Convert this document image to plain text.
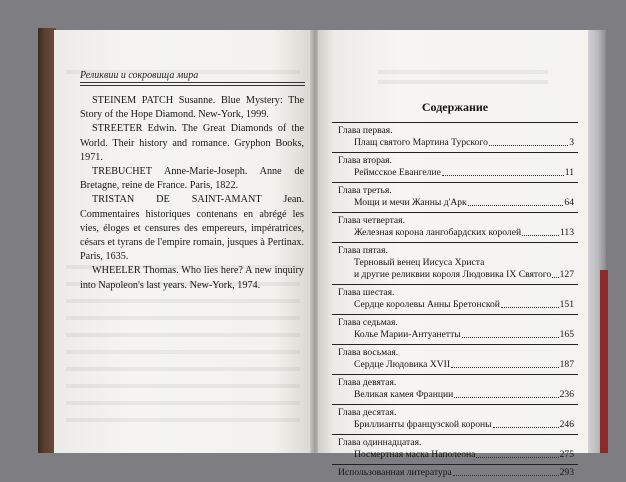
Реликвии и сокровища мира

STEINEM PATCH Susanne. Blue Mystery: The Story of the Hope Diamond. New-York, 1999.

STREETER Edwin. The Great Diamonds of the World. Their history and romance. Gryphon Books, 1971.

TREBUCHET Anne-Marie-Joseph. Anne de Bretagne, reine de France. Paris, 1822.

TRISTAN DE SAINT-AMANT Jean. Commentaires historiques contenans en abrégé les vies, éloges et censures des empereurs, impératrices, césars et tyrans de l'empire romain, jusques à Pertinax. Paris, 1635.

WHEELER Thomas. Who lies here? A new inquiry into Napoleon's last years. New-York, 1974.

Содержание
Глава первая.
Плащ святого Мартина Турского	3
Глава вторая.
Реймсское Евангелие	11
Глава третья.
Мощи и мечи Жанны д'Арк	64
Глава четвертая.
Железная корона лангобардских королей	113
Глава пятая.
Терновый венец Иисуса Христа
и другие реликвии короля Людовика IX Святого 127
Глава шестая.
Сердце королевы Анны Бретонской	151
Глава седьмая.
Колье Марии-Антуанетты	165
Глава восьмая.
Сердце Людовика XVII	187
Глава девятая.
Великая камея Франции	236
Глава десятая.
Бриллианты французской короны	246
Глава одиннадцатая.
Посмертная маска Наполеона	275
Использованная литература	293
